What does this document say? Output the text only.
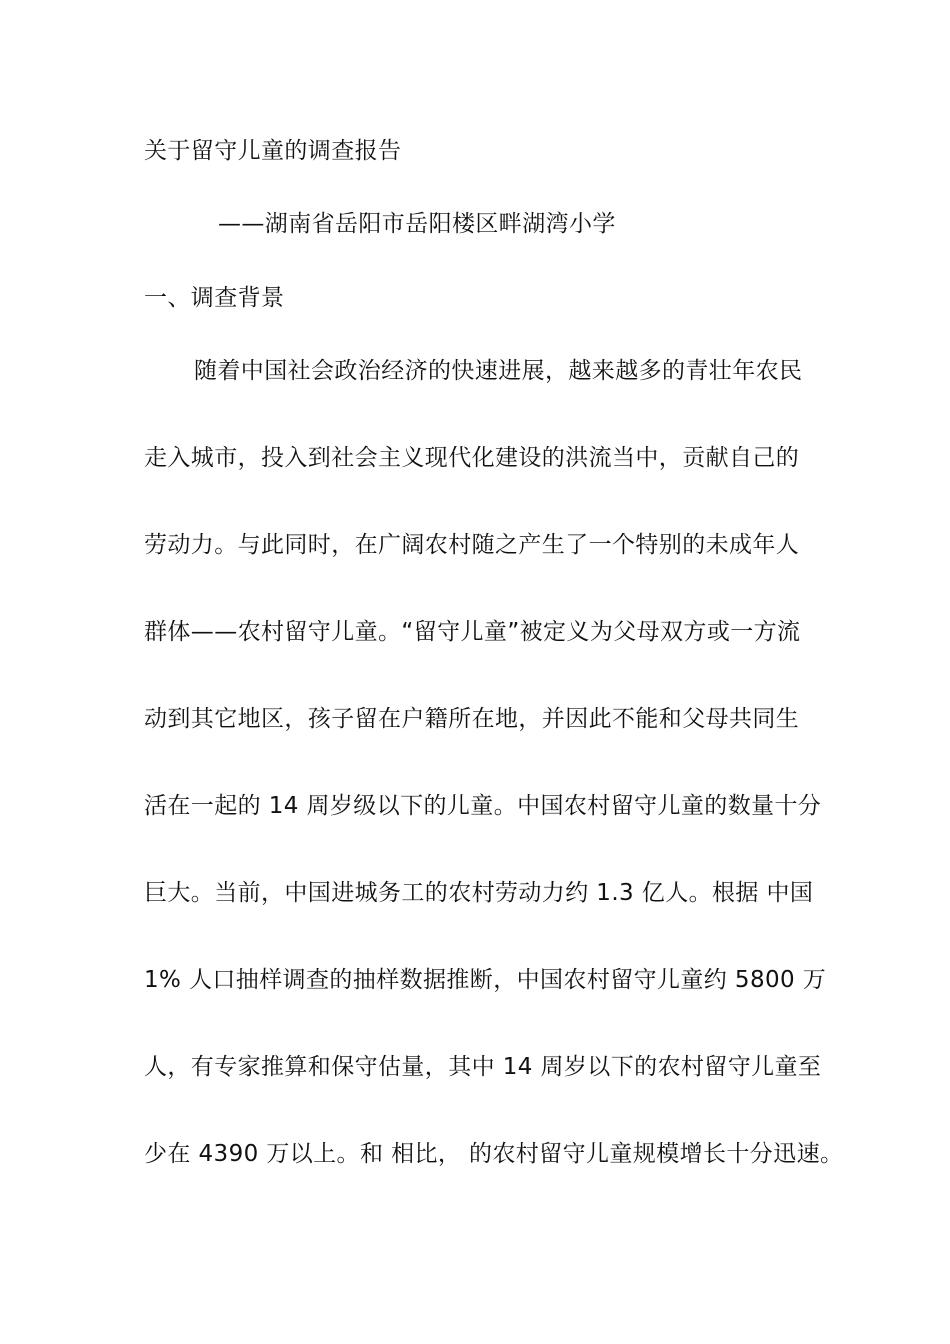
关于留守儿童的调查报告
——湖南省岳阳市岳阳楼区畔湖湾小学
一、调查背景
随着中国社会政治经济的快速进展，越来越多的青壮年农民
走入城市，投入到社会主义现代化建设的洪流当中，贡献自己的
劳动力。与此同时，在广阔农村随之产生了一个特别的未成年人
群体——农村留守儿童。“留守儿童”被定义为父母双方或一方流
动到其它地区，孩子留在户籍所在地，并因此不能和父母共同生
活在一起的 14 周岁级以下的儿童。中国农村留守儿童的数量十分
巨大。当前，中国进城务工的农村劳动力约 1.3 亿人。根据 中国
1% 人口抽样调查的抽样数据推断，中国农村留守儿童约 5800 万
人，有专家推算和保守估量，其中 14 周岁以下的农村留守儿童至
少在 4390 万以上。和 相比， 的农村留守儿童规模增长十分迅速。
